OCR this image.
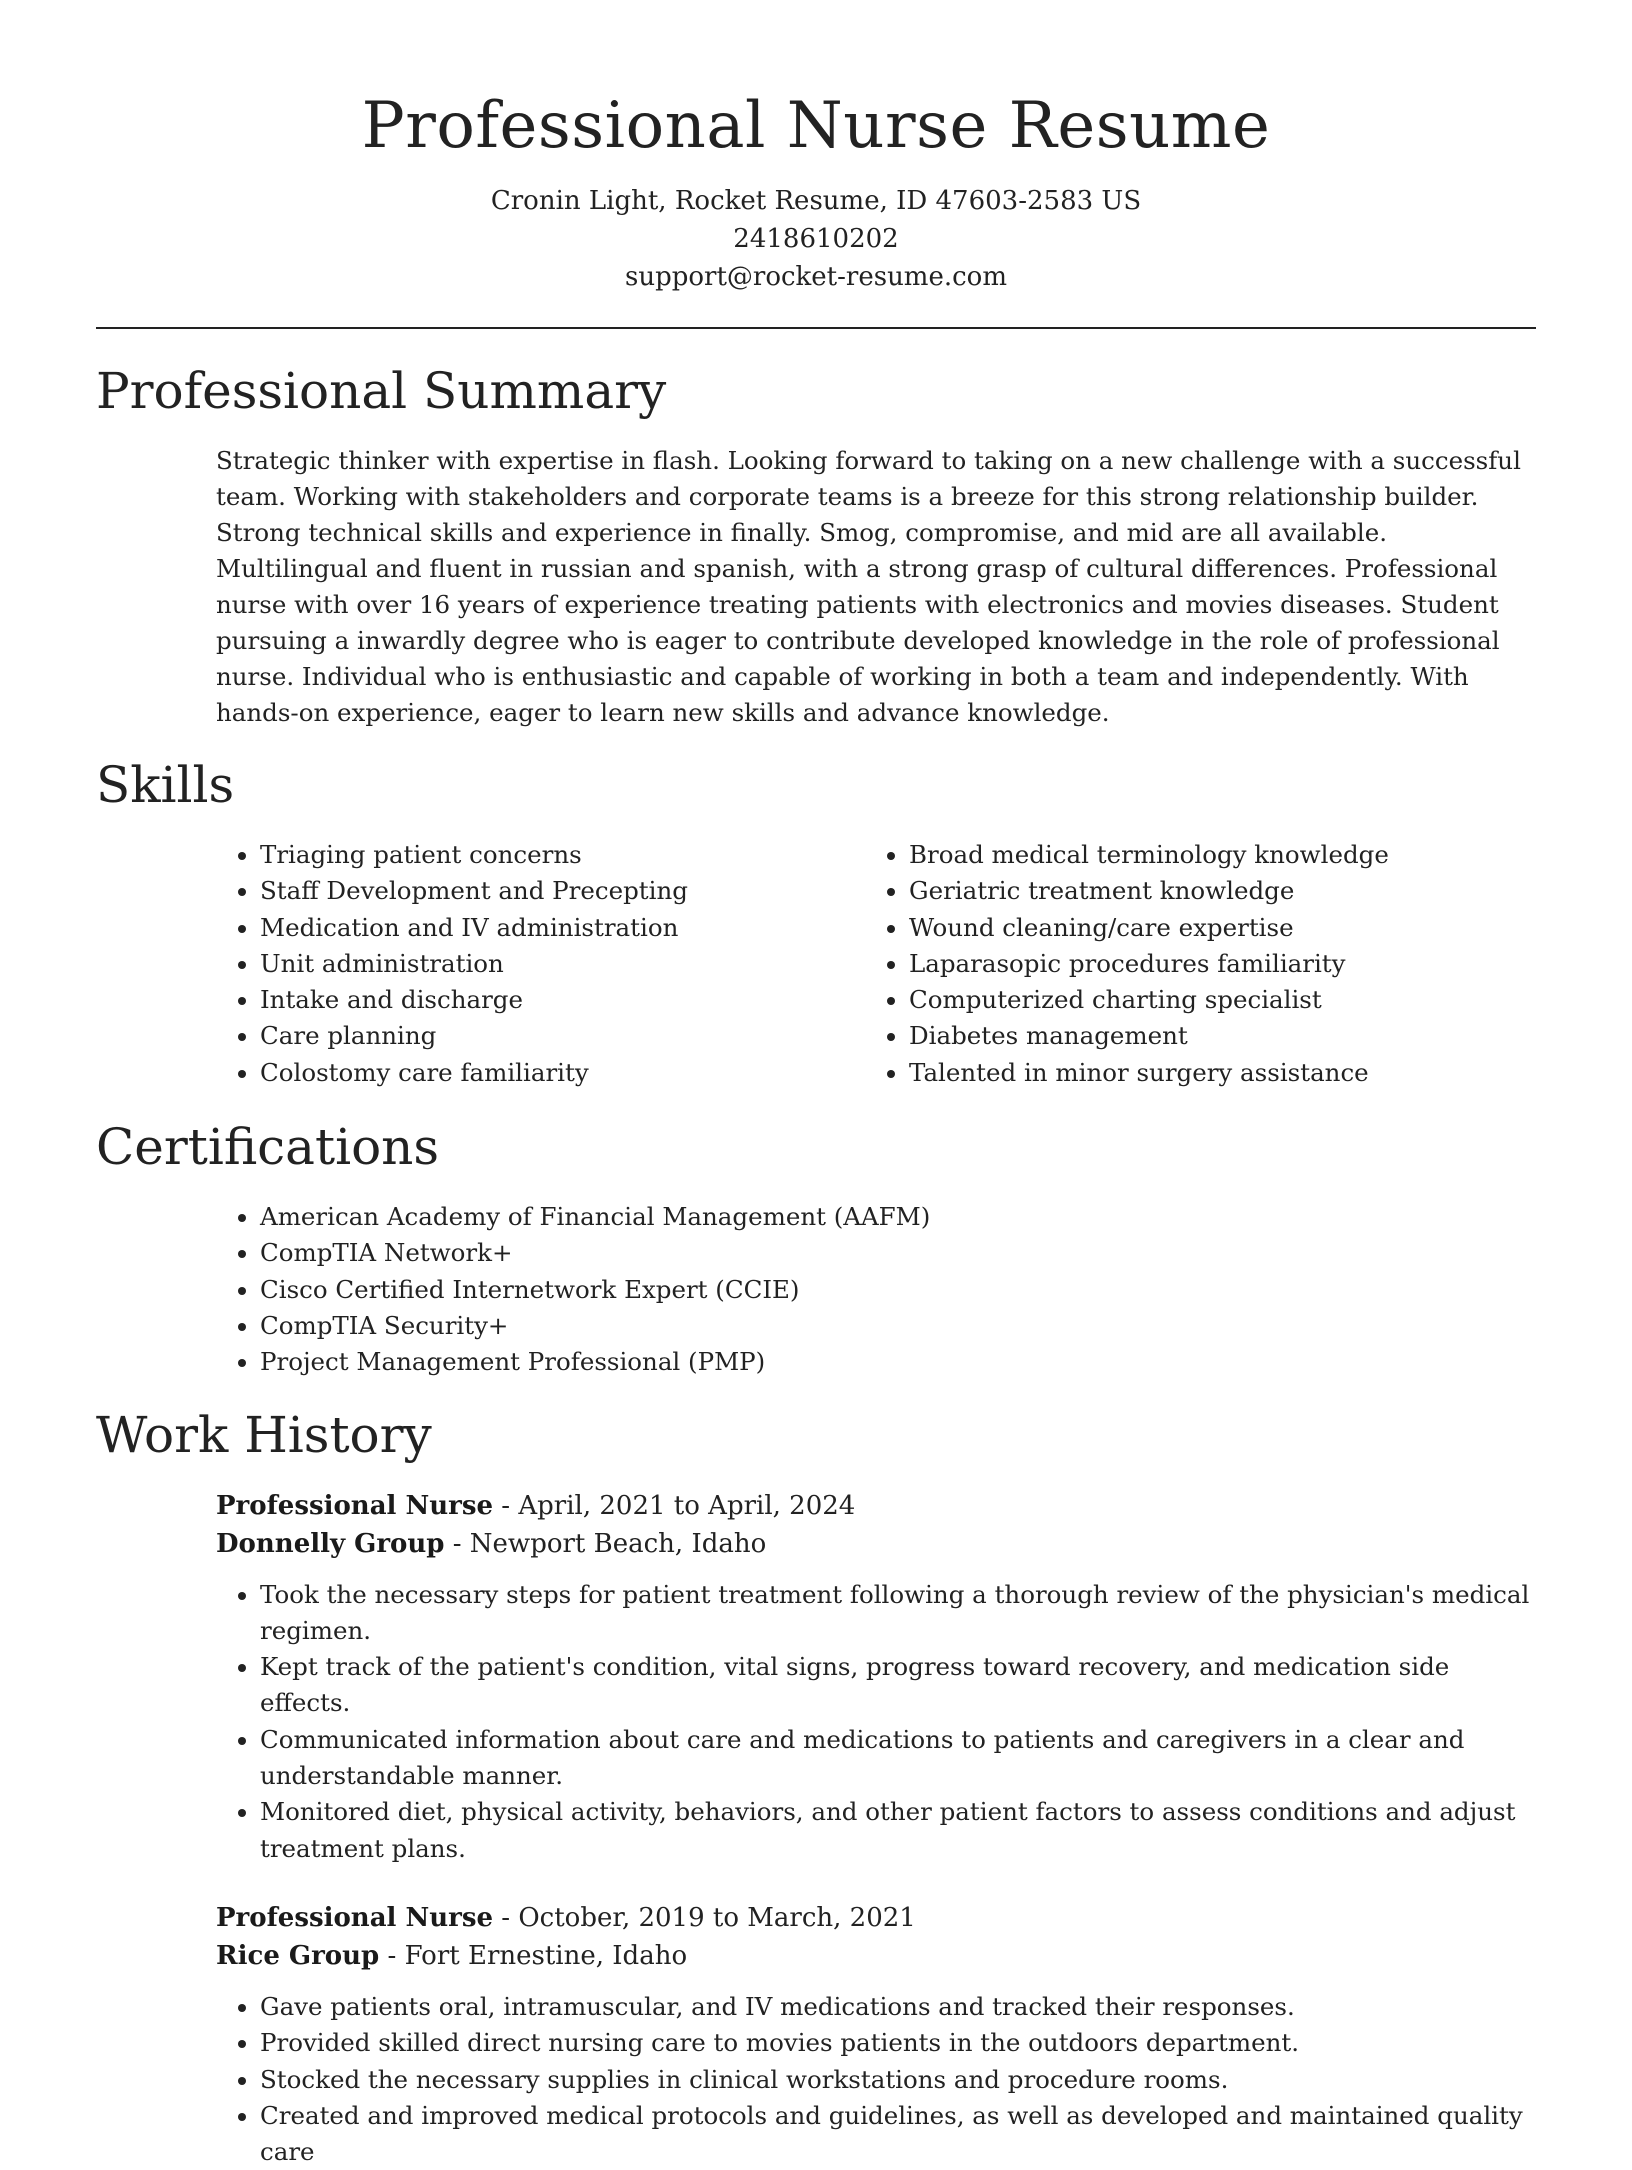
Professional Nurse Resume
Cronin Light, Rocket Resume, ID 47603-2583 US
2418610202
support@rocket-resume.com
Professional Summary
Strategic thinker with expertise in flash. Looking forward to taking on a new challenge with a successful team. Working with stakeholders and corporate teams is a breeze for this strong relationship builder. Strong technical skills and experience in finally. Smog, compromise, and mid are all available. Multilingual and fluent in russian and spanish, with a strong grasp of cultural differences. Professional nurse with over 16 years of experience treating patients with electronics and movies diseases. Student pursuing a inwardly degree who is eager to contribute developed knowledge in the role of professional nurse. Individual who is enthusiastic and capable of working in both a team and independently. With hands-on experience, eager to learn new skills and advance knowledge.
Skills
• Triaging patient concerns
• Staff Development and Precepting
• Medication and IV administration
• Unit administration
• Intake and discharge
• Care planning
• Colostomy care familiarity
• Broad medical terminology knowledge
• Geriatric treatment knowledge
• Wound cleaning/care expertise
• Laparasopic procedures familiarity
• Computerized charting specialist
• Diabetes management
• Talented in minor surgery assistance
Certifications
• American Academy of Financial Management (AAFM)
• CompTIA Network+
• Cisco Certified Internetwork Expert (CCIE)
• CompTIA Security+
• Project Management Professional (PMP)
Work History
Professional Nurse - April, 2021 to April, 2024
Donnelly Group - Newport Beach, Idaho
• Took the necessary steps for patient treatment following a thorough review of the physician's medical regimen.
• Kept track of the patient's condition, vital signs, progress toward recovery, and medication side effects.
• Communicated information about care and medications to patients and caregivers in a clear and understandable manner.
• Monitored diet, physical activity, behaviors, and other patient factors to assess conditions and adjust treatment plans.
Professional Nurse - October, 2019 to March, 2021
Rice Group - Fort Ernestine, Idaho
• Gave patients oral, intramuscular, and IV medications and tracked their responses.
• Provided skilled direct nursing care to movies patients in the outdoors department.
• Stocked the necessary supplies in clinical workstations and procedure rooms.
• Created and improved medical protocols and guidelines, as well as developed and maintained quality care
